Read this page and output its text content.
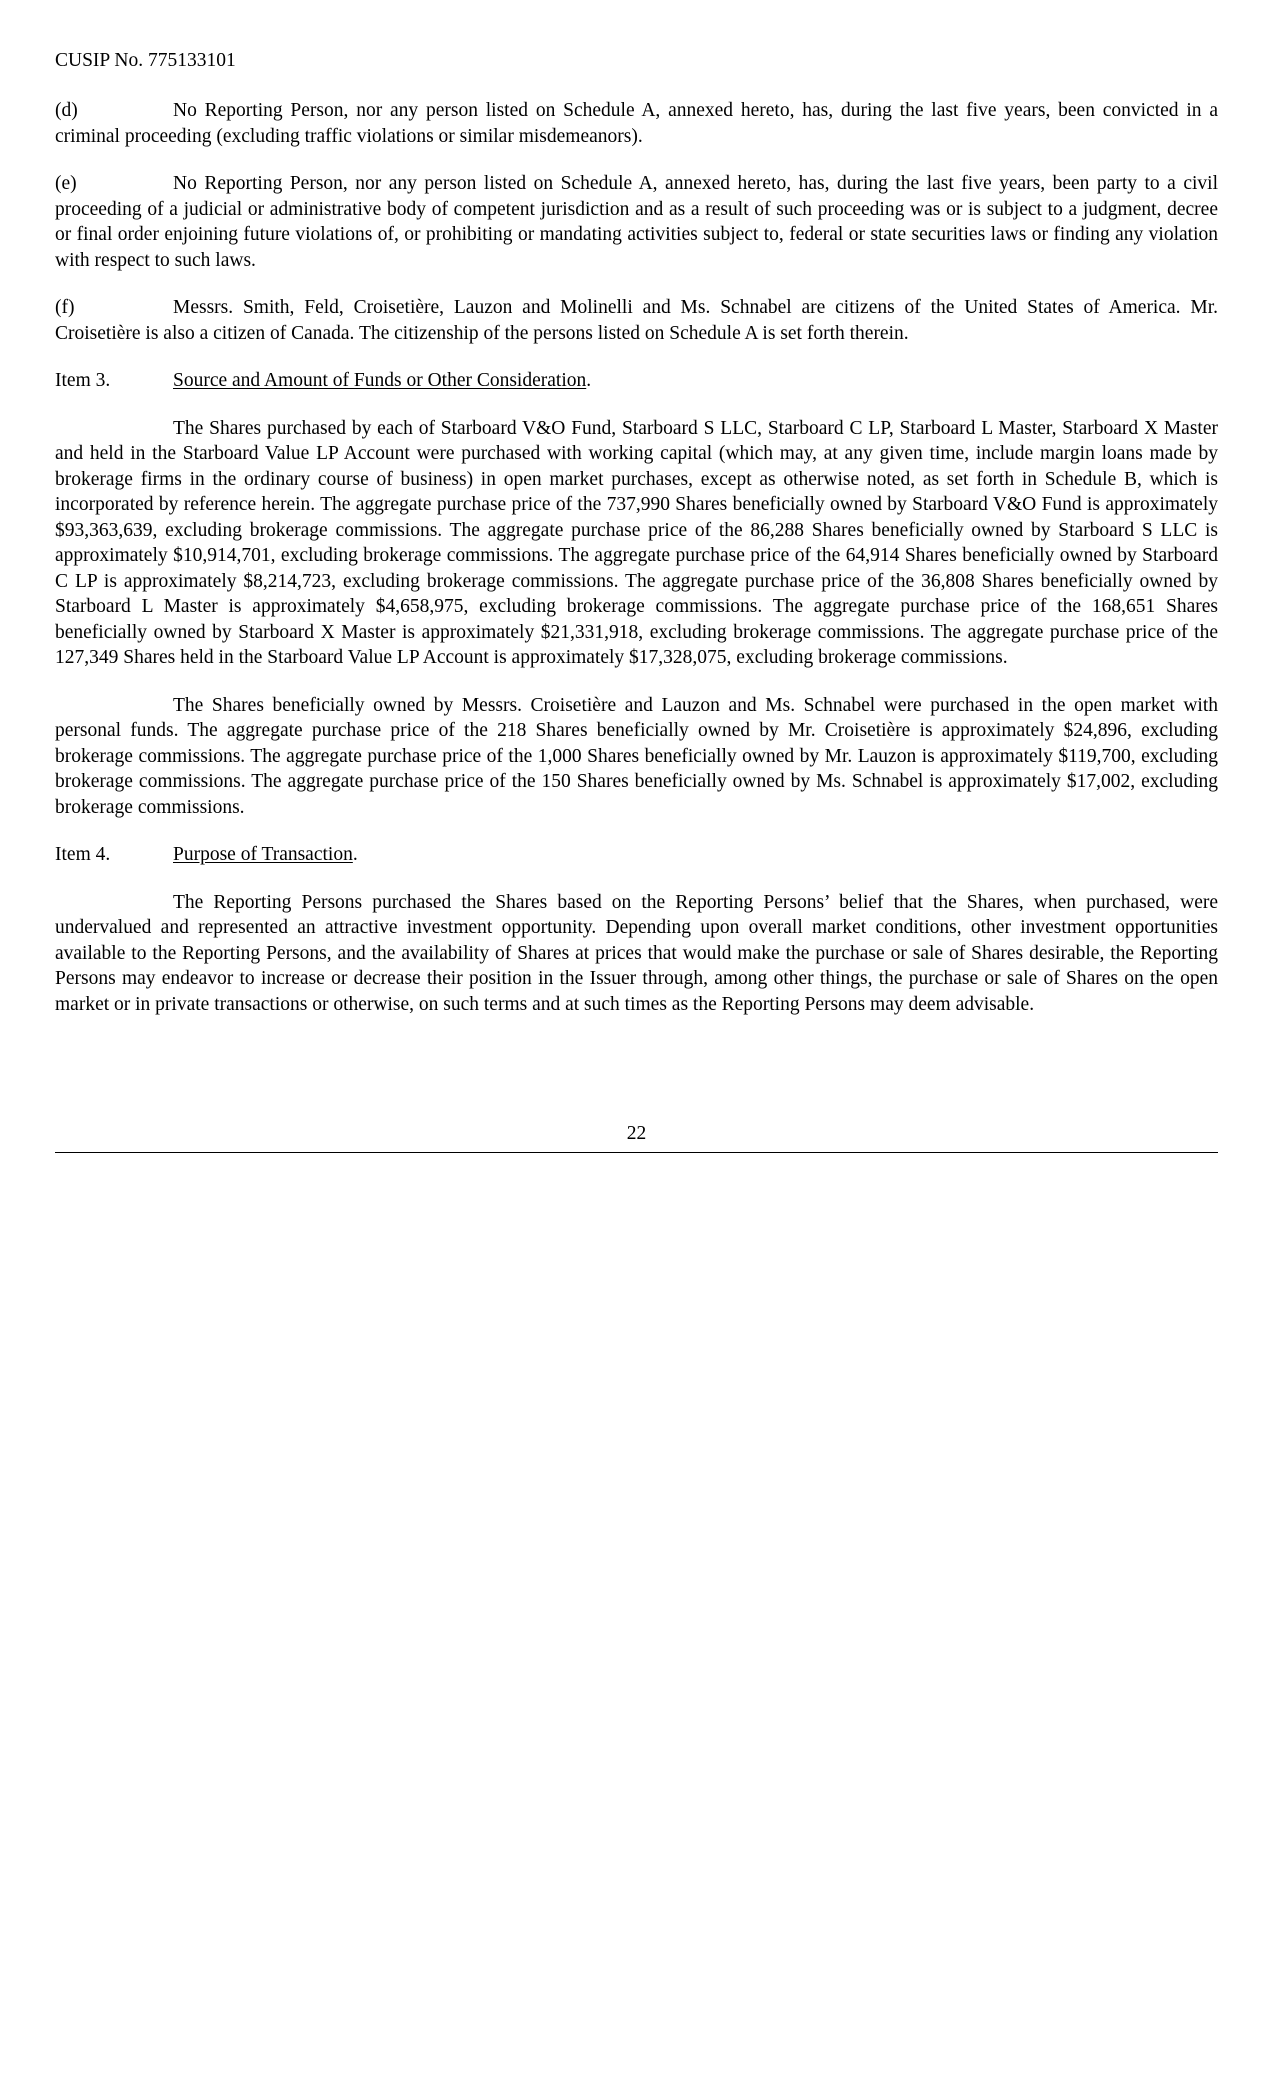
CUSIP No. 775133101

(d)	No Reporting Person, nor any person listed on Schedule A, annexed hereto, has, during the last five years, been convicted in a criminal proceeding (excluding traffic violations or similar misdemeanors).

(e)	No Reporting Person, nor any person listed on Schedule A, annexed hereto, has, during the last five years, been party to a civil proceeding of a judicial or administrative body of competent jurisdiction and as a result of such proceeding was or is subject to a judgment, decree or final order enjoining future violations of, or prohibiting or mandating activities subject to, federal or state securities laws or finding any violation with respect to such laws.

(f)	Messrs. Smith, Feld, Croisetière, Lauzon and Molinelli and Ms. Schnabel are citizens of the United States of America. Mr. Croisetière is also a citizen of Canada. The citizenship of the persons listed on Schedule A is set forth therein.

Item 3.	Source and Amount of Funds or Other Consideration.

The Shares purchased by each of Starboard V&O Fund, Starboard S LLC, Starboard C LP, Starboard L Master, Starboard X Master and held in the Starboard Value LP Account were purchased with working capital (which may, at any given time, include margin loans made by brokerage firms in the ordinary course of business) in open market purchases, except as otherwise noted, as set forth in Schedule B, which is incorporated by reference herein. The aggregate purchase price of the 737,990 Shares beneficially owned by Starboard V&O Fund is approximately $93,363,639, excluding brokerage commissions. The aggregate purchase price of the 86,288 Shares beneficially owned by Starboard S LLC is approximately $10,914,701, excluding brokerage commissions. The aggregate purchase price of the 64,914 Shares beneficially owned by Starboard C LP is approximately $8,214,723, excluding brokerage commissions. The aggregate purchase price of the 36,808 Shares beneficially owned by Starboard L Master is approximately $4,658,975, excluding brokerage commissions. The aggregate purchase price of the 168,651 Shares beneficially owned by Starboard X Master is approximately $21,331,918, excluding brokerage commissions. The aggregate purchase price of the 127,349 Shares held in the Starboard Value LP Account is approximately $17,328,075, excluding brokerage commissions.

The Shares beneficially owned by Messrs. Croisetière and Lauzon and Ms. Schnabel were purchased in the open market with personal funds. The aggregate purchase price of the 218 Shares beneficially owned by Mr. Croisetière is approximately $24,896, excluding brokerage commissions. The aggregate purchase price of the 1,000 Shares beneficially owned by Mr. Lauzon is approximately $119,700, excluding brokerage commissions. The aggregate purchase price of the 150 Shares beneficially owned by Ms. Schnabel is approximately $17,002, excluding brokerage commissions.

Item 4.	Purpose of Transaction.

The Reporting Persons purchased the Shares based on the Reporting Persons’ belief that the Shares, when purchased, were undervalued and represented an attractive investment opportunity. Depending upon overall market conditions, other investment opportunities available to the Reporting Persons, and the availability of Shares at prices that would make the purchase or sale of Shares desirable, the Reporting Persons may endeavor to increase or decrease their position in the Issuer through, among other things, the purchase or sale of Shares on the open market or in private transactions or otherwise, on such terms and at such times as the Reporting Persons may deem advisable.

22
